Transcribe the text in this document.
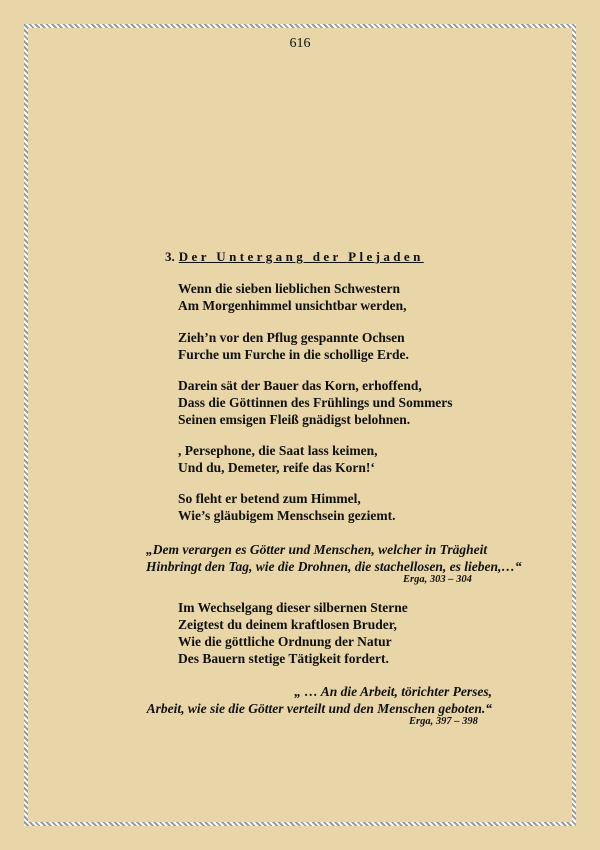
616
3. Der Untergang der Plejaden
Wenn die sieben lieblichen Schwestern
Am Morgenhimmel unsichtbar werden,
Zieh’n vor den Pflug gespannte Ochsen
Furche um Furche in die schollige Erde.
Darein sät der Bauer das Korn, erhoffend,
Dass die Göttinnen des Frühlings und Sommers
Seinen emsigen Fleiß gnädigst belohnen.
, Persephone, die Saat lass keimen,
Und du, Demeter, reife das Korn!‘
So fleht er betend zum Himmel,
Wie’s gläubigem Menschsein geziemt.
„Dem verargen es Götter und Menschen, welcher in Trägheit
Hinbringt den Tag, wie die Drohnen, die stachellosen, es lieben,…“
Erga, 303 – 304
Im Wechselgang dieser silbernen Sterne
Zeigtest du deinem kraftlosen Bruder,
Wie die göttliche Ordnung der Natur
Des Bauern stetige Tätigkeit fordert.
„ … An die Arbeit, törichter Perses,
Arbeit, wie sie die Götter verteilt und den Menschen geboten.“
Erga, 397 – 398
